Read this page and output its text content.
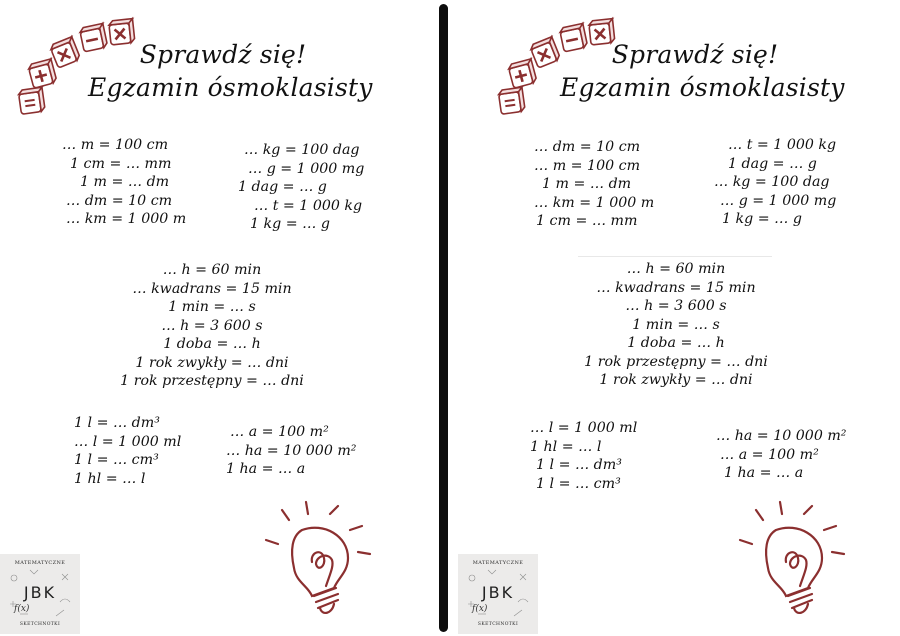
Sprawdź się!
Egzamin ósmoklasisty
… m = 100 cm
1 cm = … mm
1 m = … dm
… dm = 10 cm
… km = 1 000 m
… kg = 100 dag
… g = 1 000 mg
1 dag = … g
… t = 1 000 kg
1 kg = … g
… h = 60 min
… kwadrans = 15 min
1 min = … s
… h = 3 600 s
1 doba = … h
1 rok zwykły = … dni
1 rok przestępny = … dni
1 l = … dm³
… l = 1 000 ml
1 l = … cm³
1 hl = … l
… a = 100 m²
… ha = 10 000 m²
1 ha = … a
MATEMATYCZNE
JBK
f(x)
SKETCHNOTKI
Sprawdź się!
Egzamin ósmoklasisty
… dm = 10 cm
… m = 100 cm
1 m = … dm
… km = 1 000 m
1 cm = … mm
… t = 1 000 kg
1 dag = … g
… kg = 100 dag
… g = 1 000 mg
1 kg = … g
… h = 60 min
… kwadrans = 15 min
… h = 3 600 s
1 min = … s
1 doba = … h
1 rok przestępny = … dni
1 rok zwykły = … dni
… l = 1 000 ml
1 hl = … l
1 l = … dm³
1 l = … cm³
… ha = 10 000 m²
… a = 100 m²
1 ha = … a
MATEMATYCZNE
JBK
f(x)
SKETCHNOTKI
